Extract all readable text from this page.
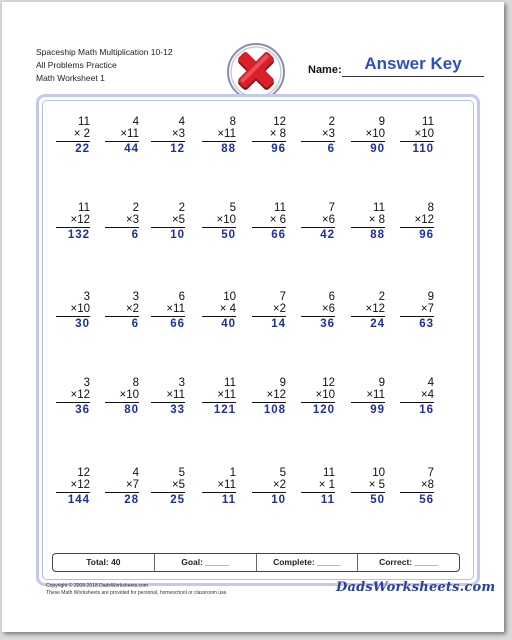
Spaceship Math Multiplication 10-12
All Problems Practice
Math Worksheet 1
Name:	Answer Key
11
× 2
22
4
×11
44
4
×3
12
8
×11
88
12
× 8
96
2
×3
6
9
×10
90
11
×10
110
11
×12
132
2
×3
6
2
×5
10
5
×10
50
11
× 6
66
7
×6
42
11
× 8
88
8
×12
96
3
×10
30
3
×2
6
6
×11
66
10
× 4
40
7
×2
14
6
×6
36
2
×12
24
9
×7
63
3
×12
36
8
×10
80
3
×11
33
11
×11
121
9
×12
108
12
×10
120
9
×11
99
4
×4
16
12
×12
144
4
×7
28
5
×5
25
1
×11
11
5
×2
10
11
× 1
11
10
× 5
50
7
×8
56
Total: 40	Goal: _____	Complete: _____	Correct: _____
Copyright © 2008-2018 DadsWorksheets.com
These Math Worksheets are provided for personal, homeschool or classroom use.	DadsWorksheets.com
